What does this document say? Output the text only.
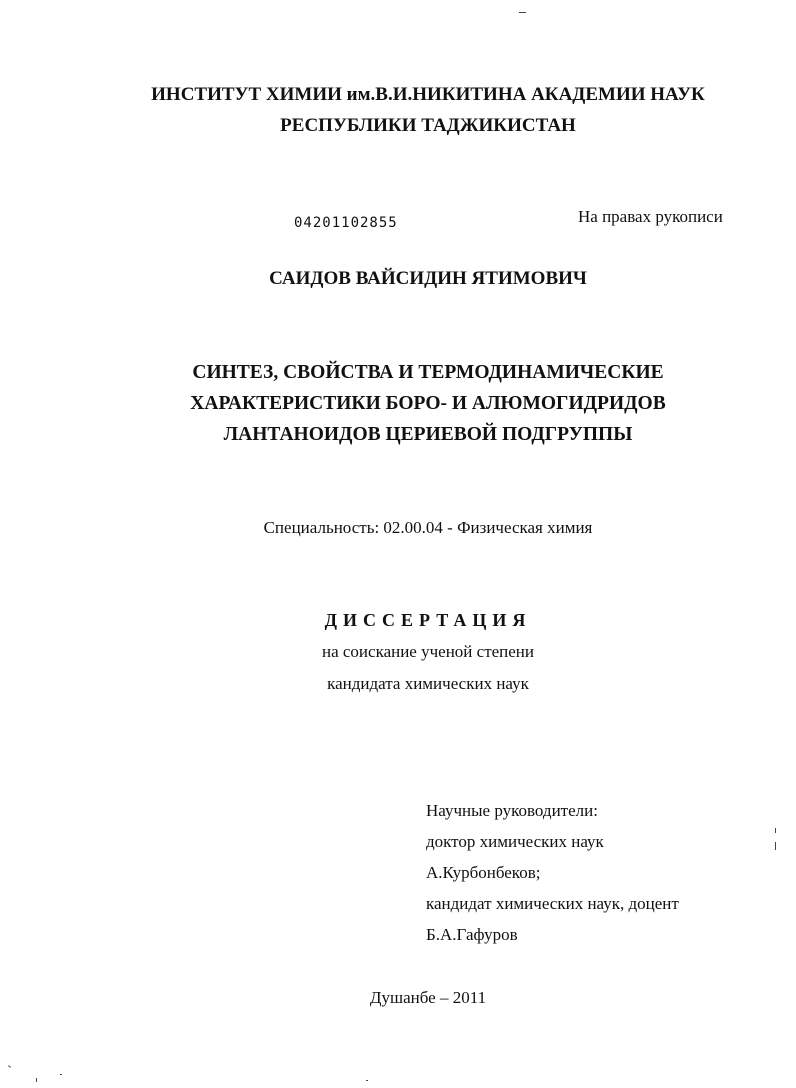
ИНСТИТУТ ХИМИИ им.В.И.НИКИТИНА АКАДЕМИИ НАУК
РЕСПУБЛИКИ ТАДЖИКИСТАН
04201102855	На правах рукописи
САИДОВ ВАЙСИДИН ЯТИМОВИЧ
СИНТЕЗ, СВОЙСТВА И ТЕРМОДИНАМИЧЕСКИЕ
ХАРАКТЕРИСТИКИ БОРО- И АЛЮМОГИДРИДОВ
ЛАНТАНОИДОВ ЦЕРИЕВОЙ ПОДГРУППЫ
Специальность: 02.00.04 - Физическая химия
ДИССЕРТАЦИЯ
на соискание ученой степени
кандидата химических наук
Научные руководители:
доктор химических наук
А.Курбонбеков;
кандидат химических наук, доцент
Б.А.Гафуров
Душанбе – 2011
